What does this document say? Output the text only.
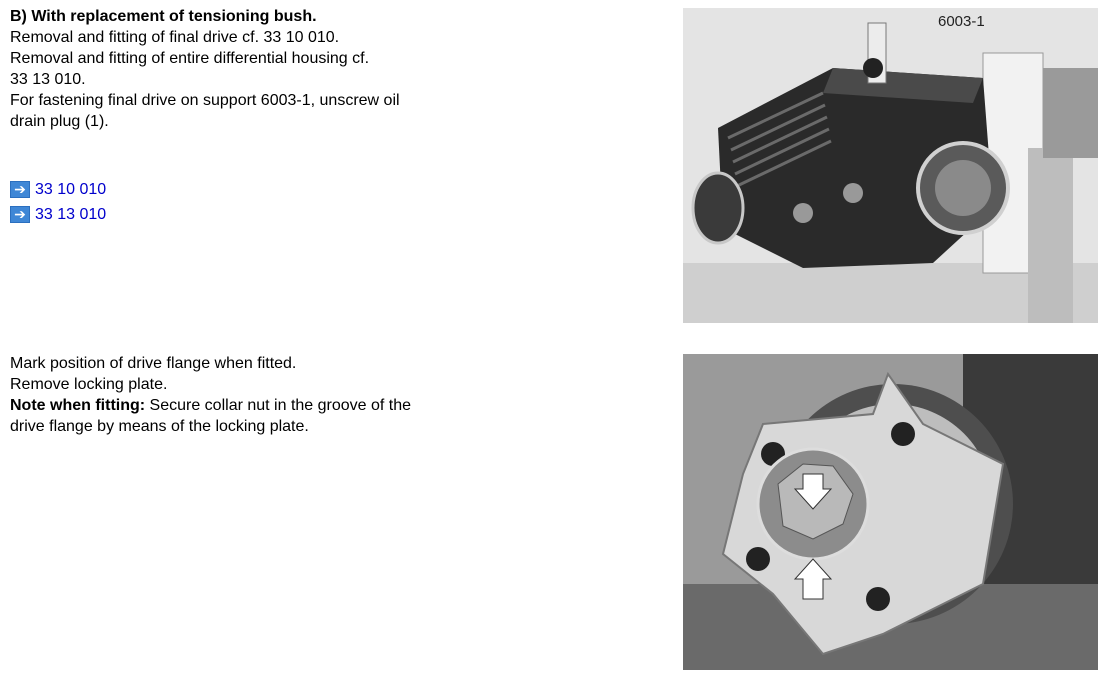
B) With replacement of tensioning bush.

Removal and fitting of final drive cf. 33 10 010.

Removal and fitting of entire differential housing cf.

33 13 010.

For fastening final drive on support 6003-1, unscrew oil

drain plug (1).

➔ 33 10 010
➔ 33 13 010
6003-1

Mark position of drive flange when fitted.

Remove locking plate.

Note when fitting: Secure collar nut in the groove of the

drive flange by means of the locking plate.
